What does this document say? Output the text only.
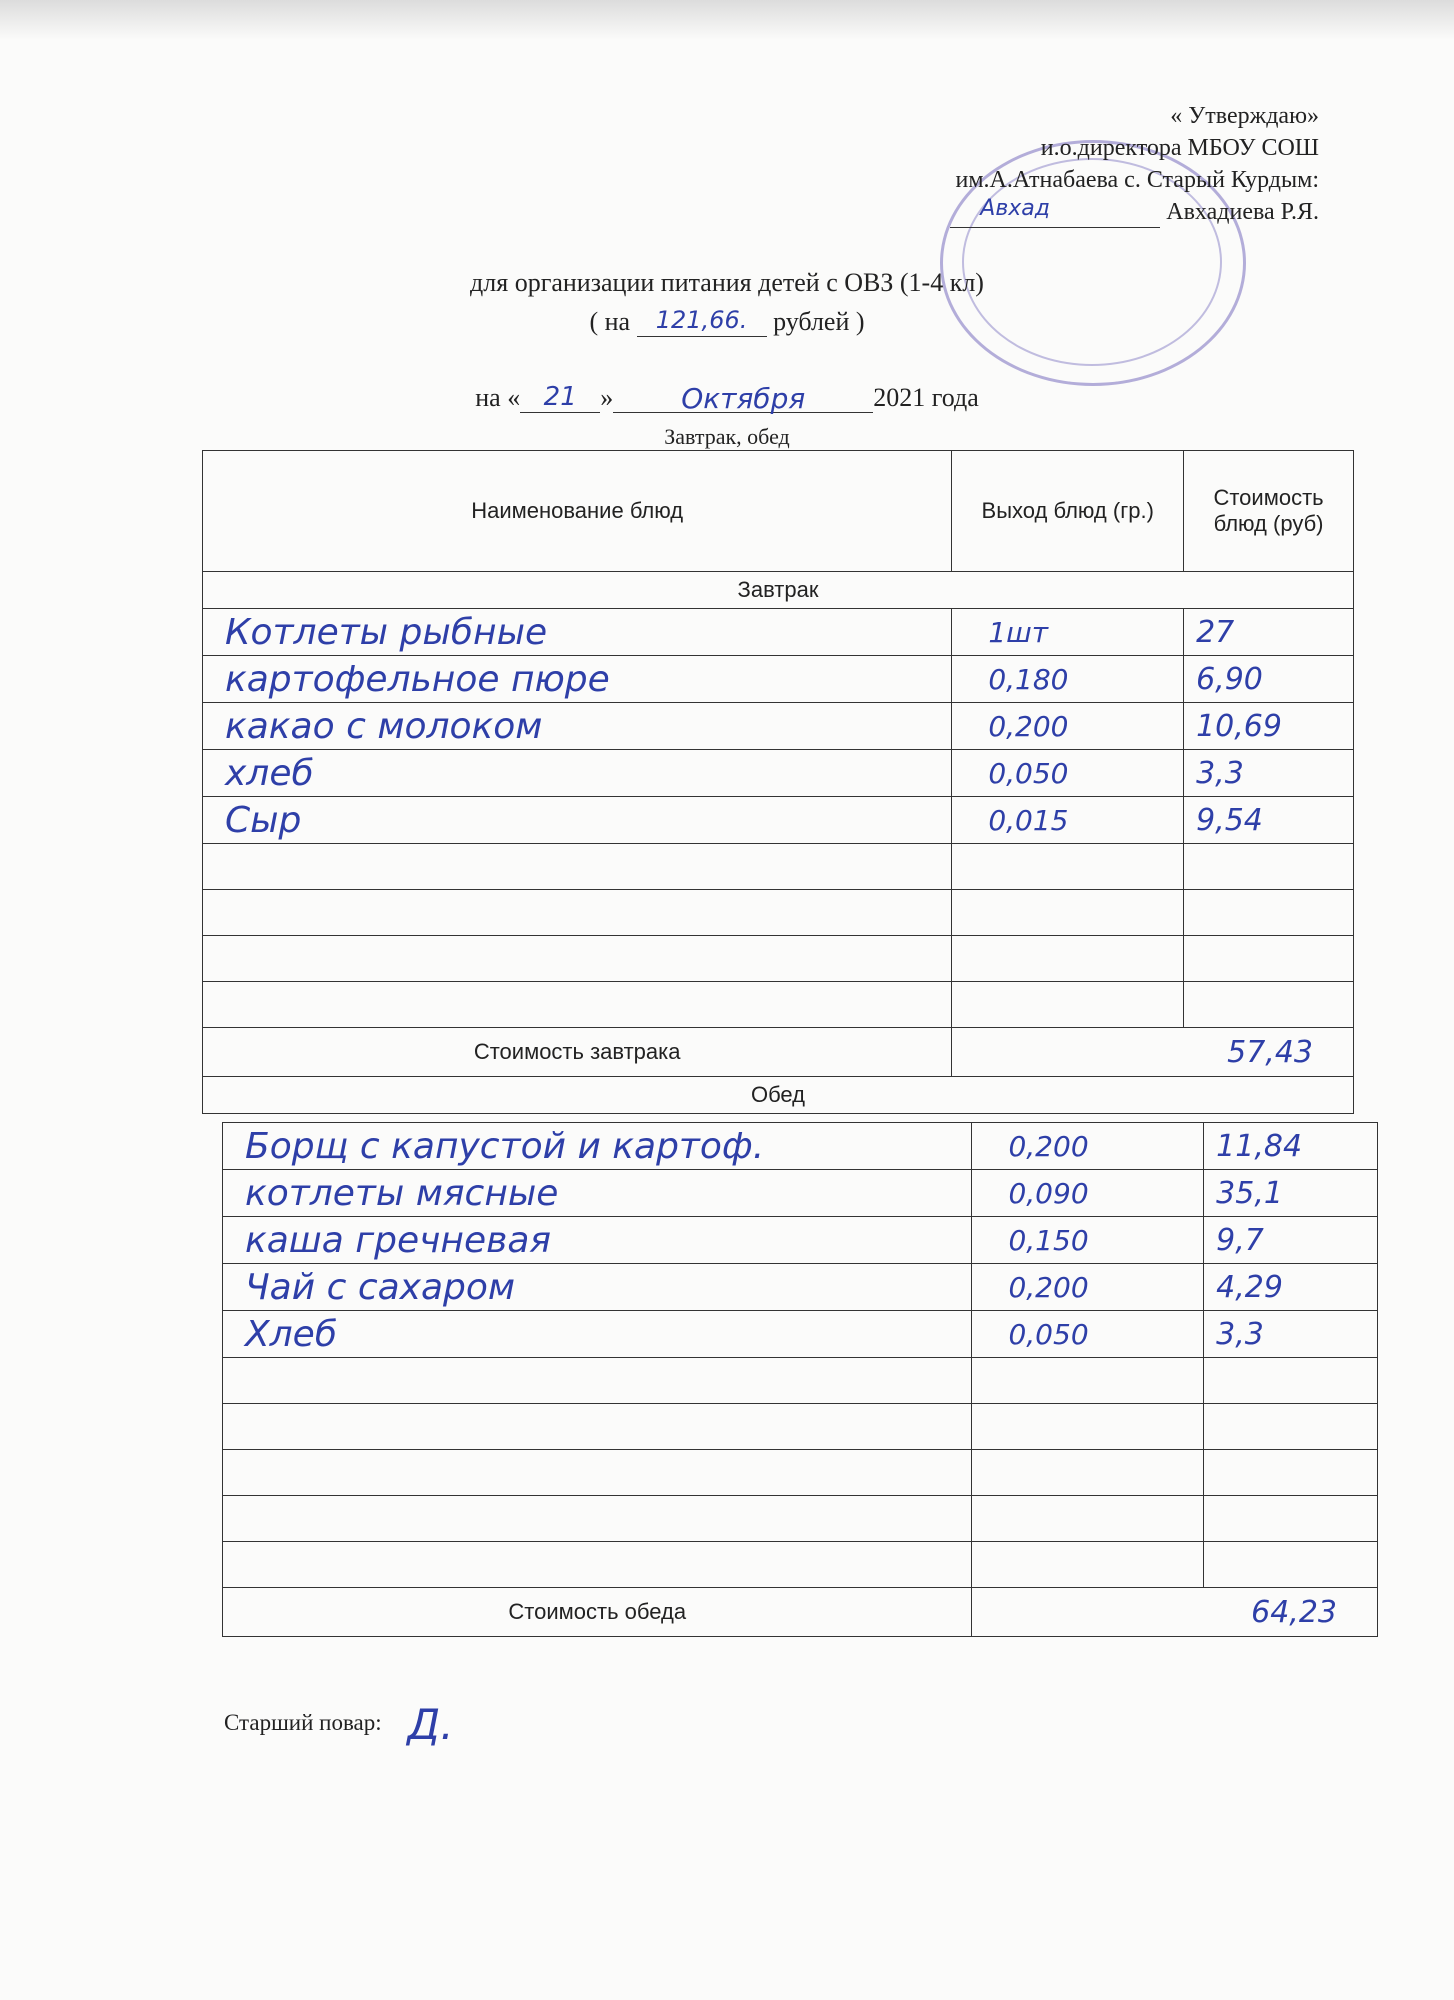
« Утверждаю»
и.о.директора МБОУ СОШ
им.А.Атнабаева с. Старый Курдым:
Авхад	Авхадиева Р.Я.
для организации питания детей с ОВЗ (1-4 кл)
( на 121,66. рублей )
на « 21 » Октября	2021 года
Завтрак, обед
Наименование блюд	Выход блюд (гр.)	Стоимость блюд (руб)
Завтрак		
Котлеты рыбные	1шт	27
картофельное пюре	0,180	6,90
какао с молоком	0,200	10,69
хлеб	0,050	3,3
Сыр	0,015	9,54

Стоимость завтрака	57,43	
Обед		
Борщ с капустой и картоф.	0,200	11,84
котлеты мясные	0,090	35,1
каша гречневая	0,150	9,7
Чай с сахаром	0,200	4,29
Хлеб	0,050	3,3

Стоимость обеда	64,23	
Старший повар: Д.
